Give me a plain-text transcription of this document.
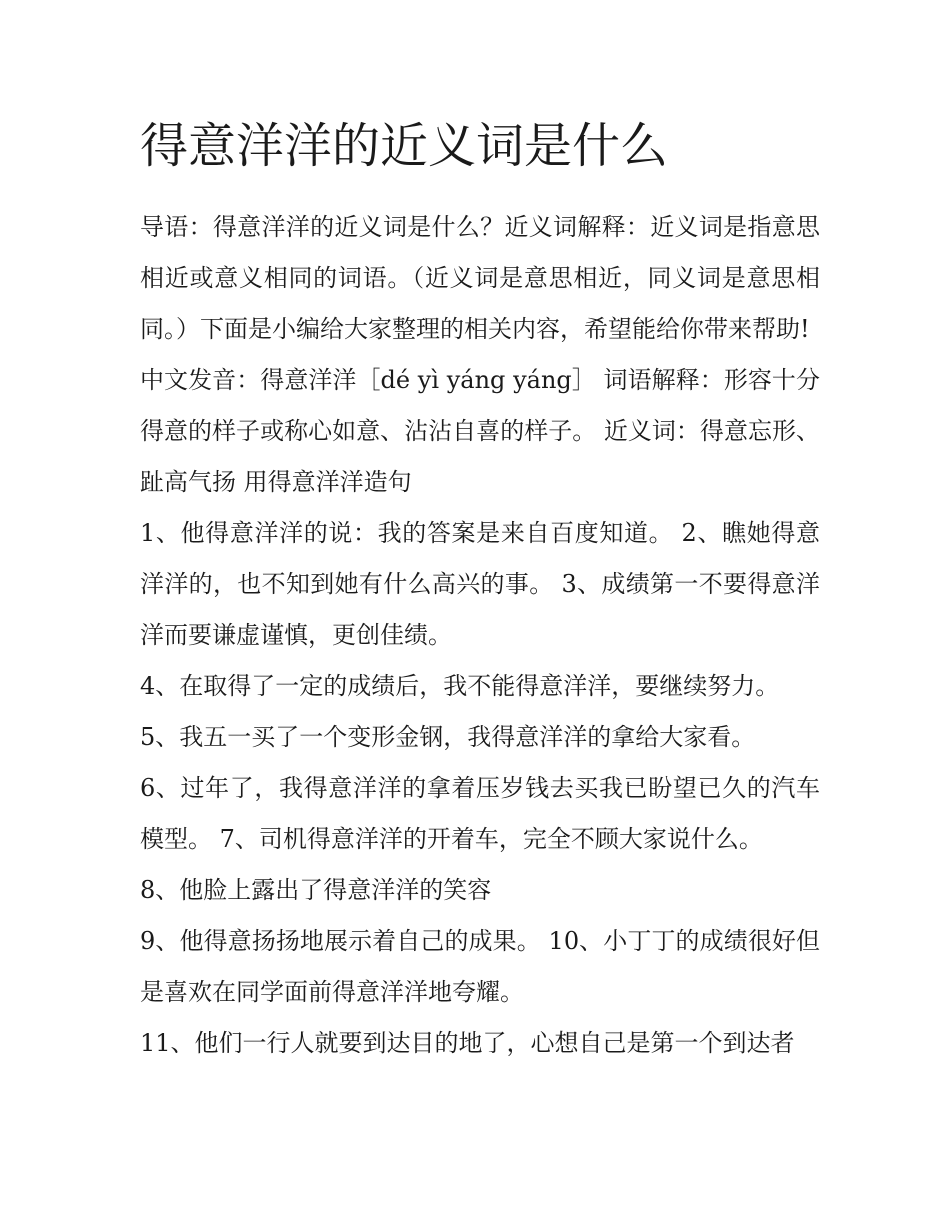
得意洋洋的近义词是什么

导语：得意洋洋的近义词是什么？近义词解释：近义词是指意思相近或意义相同的词语。（近义词是意思相近，同义词是意思相同。）下面是小编给大家整理的相关内容，希望能给你带来帮助!

中文发音：得意洋洋［dé yì yáng yáng］ 词语解释：形容十分得意的样子或称心如意、沾沾自喜的样子。 近义词：得意忘形、趾高气扬 用得意洋洋造句

1、他得意洋洋的说：我的答案是来自百度知道。 2、瞧她得意洋洋的，也不知到她有什么高兴的事。 3、成绩第一不要得意洋洋而要谦虚谨慎，更创佳绩。

4、在取得了一定的成绩后，我不能得意洋洋，要继续努力。

5、我五一买了一个变形金钢，我得意洋洋的拿给大家看。

6、过年了，我得意洋洋的拿着压岁钱去买我已盼望已久的汽车模型。 7、司机得意洋洋的开着车，完全不顾大家说什么。

8、他脸上露出了得意洋洋的笑容

9、他得意扬扬地展示着自己的成果。 10、小丁丁的成绩很好但是喜欢在同学面前得意洋洋地夸耀。

11、他们一行人就要到达目的地了，心想自己是第一个到达者
